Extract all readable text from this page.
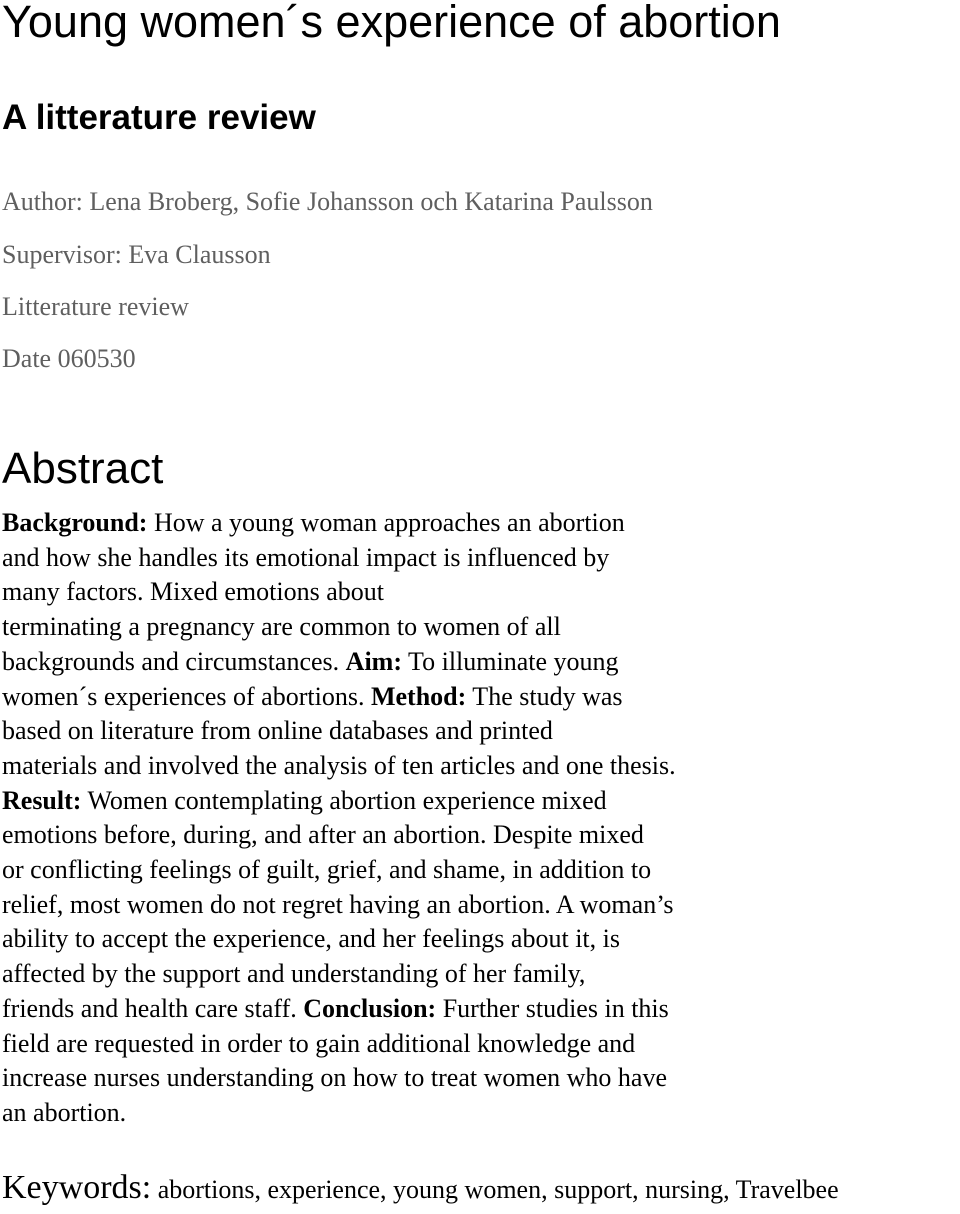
Young women´s experience of abortion
A litterature review

Author: Lena Broberg, Sofie Johansson och Katarina Paulsson

Supervisor: Eva Clausson

Litterature review

Date 060530

Abstract
Background: How a young woman approaches an abortion
and how she handles its emotional impact is influenced by
many factors. Mixed emotions about
terminating a pregnancy are common to women of all
backgrounds and circumstances. Aim: To illuminate young
women´s experiences of abortions. Method: The study was
based on literature from online databases and printed
materials and involved the analysis of ten articles and one thesis.
Result: Women contemplating abortion experience mixed
emotions before, during, and after an abortion. Despite mixed
or conflicting feelings of guilt, grief, and shame, in addition to
relief, most women do not regret having an abortion. A woman’s
ability to accept the experience, and her feelings about it, is
affected by the support and understanding of her family,
friends and health care staff. Conclusion: Further studies in this
field are requested in order to gain additional knowledge and
increase nurses understanding on how to treat women who have
an abortion.

Keywords: abortions, experience, young women, support, nursing, Travelbee
